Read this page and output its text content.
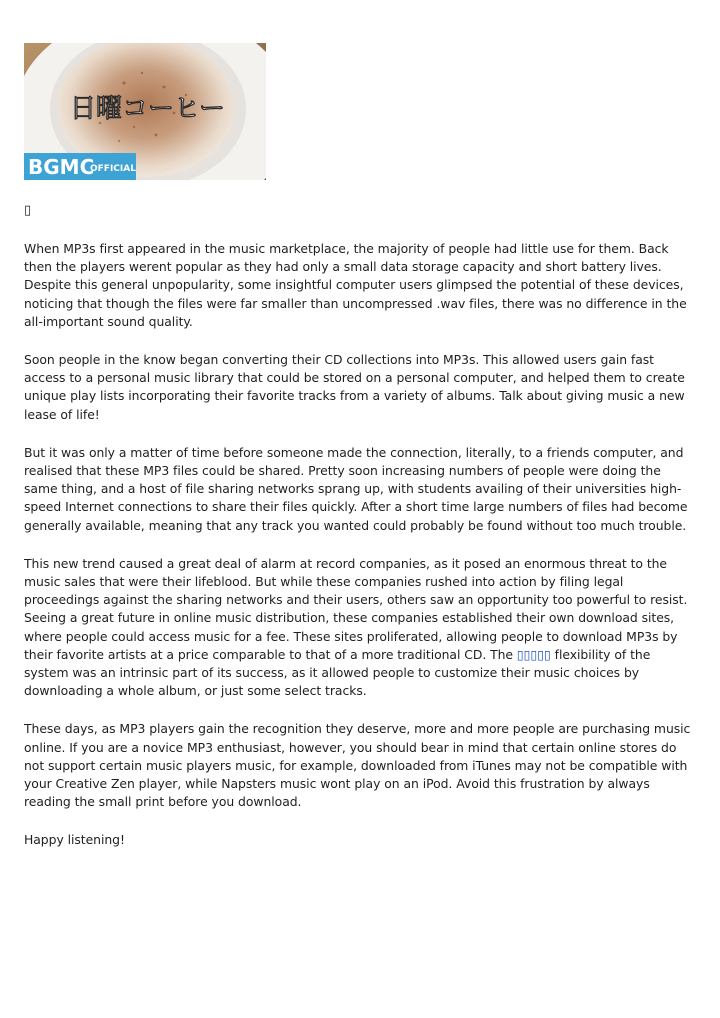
日曜コーヒー
BGMC
OFFICIAL
▯

When MP3s first appeared in the music marketplace, the majority of people had little use for them. Back then the players werent popular as they had only a small data storage capacity and short battery lives. Despite this general unpopularity, some insightful computer users glimpsed the potential of these devices, noticing that though the files were far smaller than uncompressed .wav files, there was no difference in the all-important sound quality.

Soon people in the know began converting their CD collections into MP3s. This allowed users gain fast access to a personal music library that could be stored on a personal computer, and helped them to create unique play lists incorporating their favorite tracks from a variety of albums. Talk about giving music a new lease of life!

But it was only a matter of time before someone made the connection, literally, to a friends computer, and realised that these MP3 files could be shared. Pretty soon increasing numbers of people were doing the same thing, and a host of file sharing networks sprang up, with students availing of their universities high-speed Internet connections to share their files quickly. After a short time large numbers of files had become generally available, meaning that any track you wanted could probably be found without too much trouble.

This new trend caused a great deal of alarm at record companies, as it posed an enormous threat to the music sales that were their lifeblood. But while these companies rushed into action by filing legal proceedings against the sharing networks and their users, others saw an opportunity too powerful to resist. Seeing a great future in online music distribution, these companies established their own download sites, where people could access music for a fee. These sites proliferated, allowing people to download MP3s by their favorite artists at a price comparable to that of a more traditional CD. The ▯▯▯▯▯ flexibility of the system was an intrinsic part of its success, as it allowed people to customize their music choices by downloading a whole album, or just some select tracks.

These days, as MP3 players gain the recognition they deserve, more and more people are purchasing music online. If you are a novice MP3 enthusiast, however, you should bear in mind that certain online stores do not support certain music players music, for example, downloaded from iTunes may not be compatible with your Creative Zen player, while Napsters music wont play on an iPod. Avoid this frustration by always reading the small print before you download.

Happy listening!
